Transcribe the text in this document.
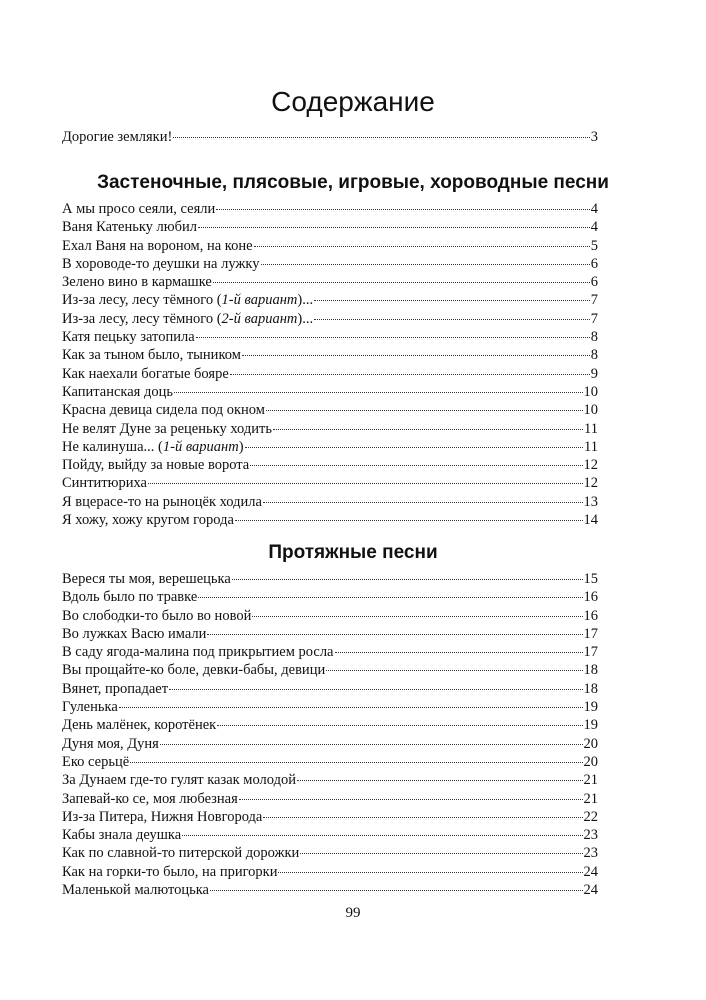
Содержание
Дорогие земляки!	3
Застеночные, плясовые, игровые, хороводные песни
А мы просо сеяли, сеяли	4
Ваня Катеньку любил	4
Ехал Ваня на вороном, на коне	5
В хороводе-то деушки на лужку	6
Зелено вино в кармашке	6
Из-за лесу, лесу тёмного (1-й вариант)...	7
Из-за лесу, лесу тёмного (2-й вариант)...	7
Катя пецьку затопила	8
Как за тыном было, тыником	8
Как наехали богатые бояре	9
Капитанская доць	10
Красна девица сидела под окном	10
Не велят Дуне за реценьку ходить	11
Не калинуша... (1-й вариант)	11
Пойду, выйду за новые ворота	12
Синтитюриха	12
Я вцерасе-то на рыноцёк ходила	13
Я хожу, хожу кругом города	14
Протяжные песни
Вереся ты моя, верешецька	15
Вдоль было по травке	16
Во слободки-то было во новой	16
Во лужках Васю имали	17
В саду ягода-малина под прикрытием росла	17
Вы прощайте-ко боле, девки-бабы, девици	18
Вянет, пропадает	18
Гуленька	19
День малёнек, коротёнек	19
Дуня моя, Дуня	20
Еко серьцё	20
За Дунаем где-то гулят казак молодой	21
Запевай-ко се, моя любезная	21
Из-за Питера, Нижня Новгорода	22
Кабы знала деушка	23
Как по славной-то питерской дорожки	23
Как на горки-то было, на пригорки	24
Маленькой малютоцька	24
99
